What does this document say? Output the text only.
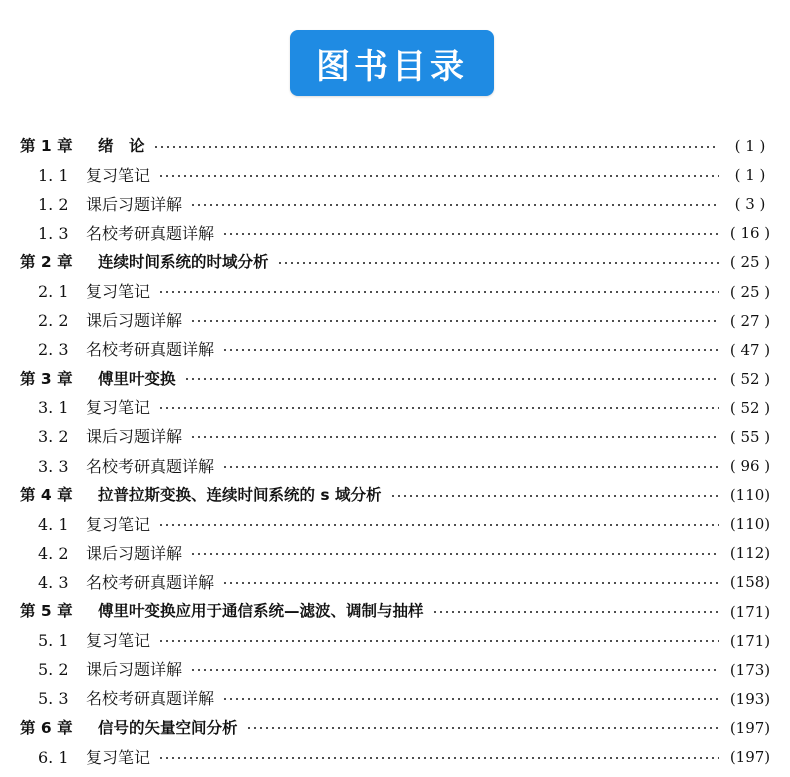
图书目录
第 1 章	绪　论	( 1 )
1. 1	复习笔记	( 1 )
1. 2	课后习题详解	( 3 )
1. 3	名校考研真题详解	( 16 )
第 2 章	连续时间系统的时域分析	( 25 )
2. 1	复习笔记	( 25 )
2. 2	课后习题详解	( 27 )
2. 3	名校考研真题详解	( 47 )
第 3 章	傅里叶变换	( 52 )
3. 1	复习笔记	( 52 )
3. 2	课后习题详解	( 55 )
3. 3	名校考研真题详解	( 96 )
第 4 章	拉普拉斯变换、连续时间系统的 s 域分析	(110)
4. 1	复习笔记	(110)
4. 2	课后习题详解	(112)
4. 3	名校考研真题详解	(158)
第 5 章	傅里叶变换应用于通信系统—滤波、调制与抽样	(171)
5. 1	复习笔记	(171)
5. 2	课后习题详解	(173)
5. 3	名校考研真题详解	(193)
第 6 章	信号的矢量空间分析	(197)
6. 1	复习笔记	(197)
